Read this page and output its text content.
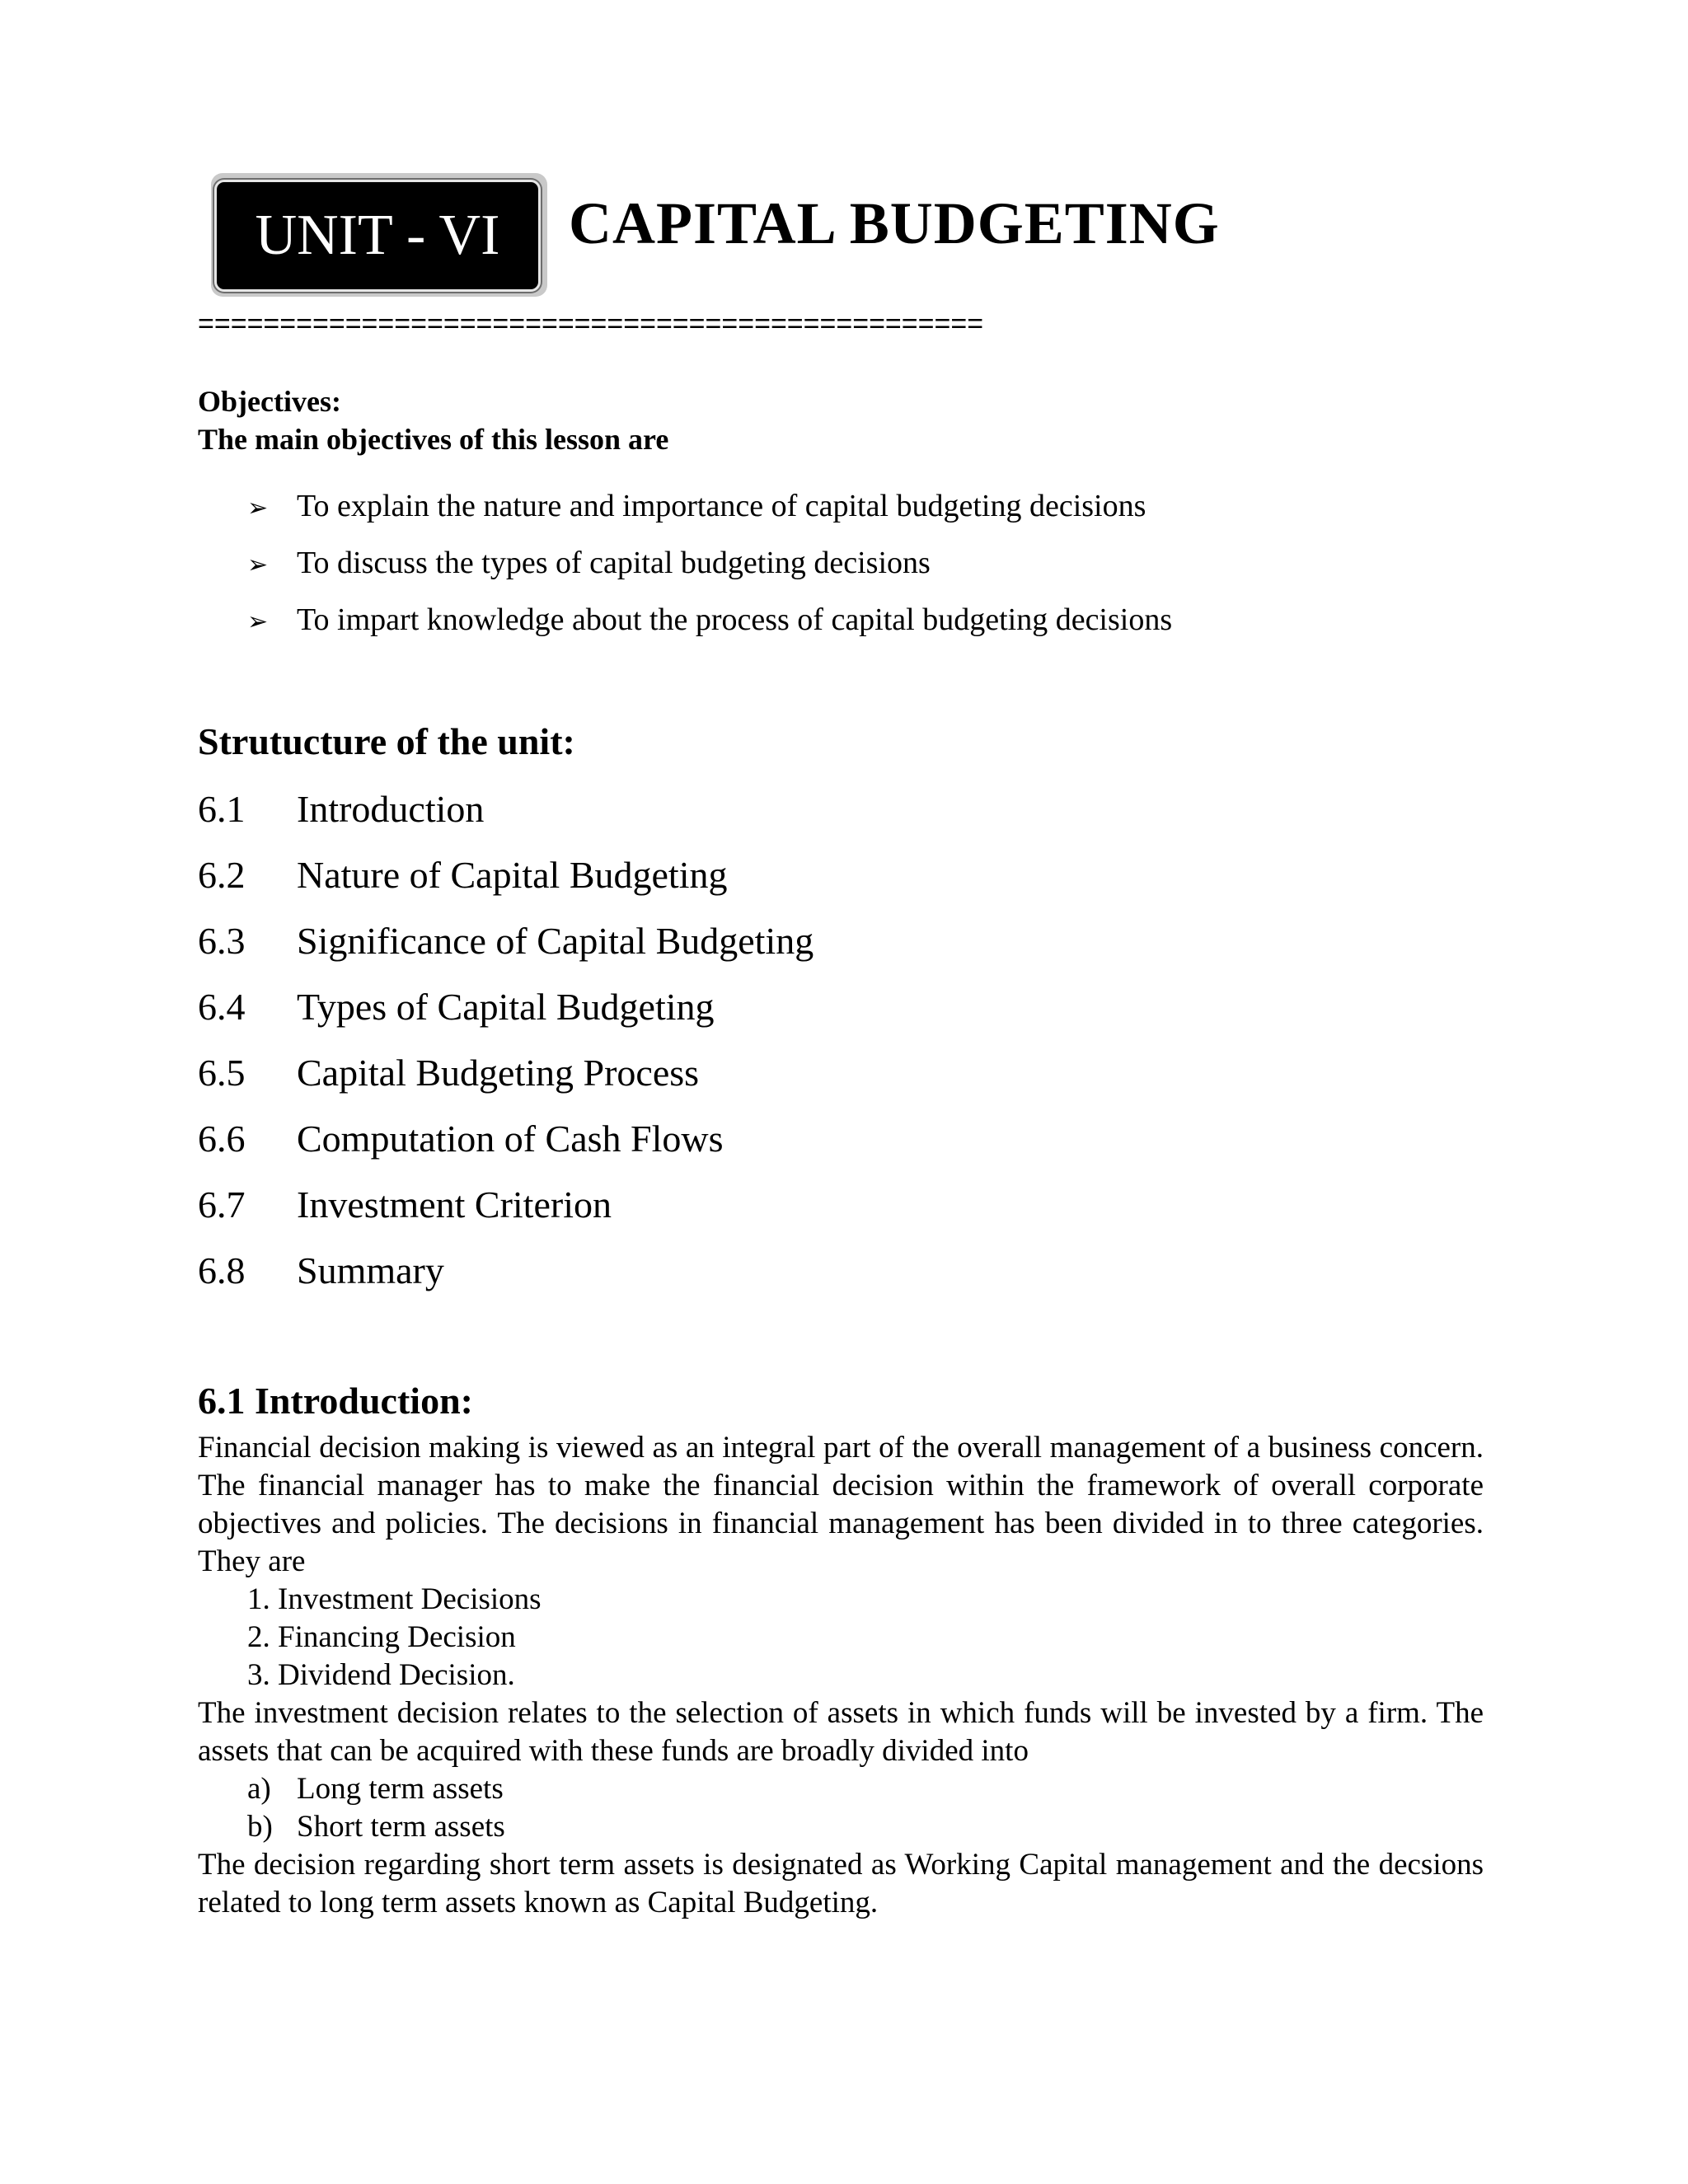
UNIT - VI CAPITAL BUDGETING
================================================
Objectives:
The main objectives of this lesson are
➢ To explain the nature and importance of capital budgeting decisions
➢ To discuss the types of capital budgeting decisions
➢ To impart knowledge about the process of capital budgeting decisions
Strutucture of the unit:
6.1	Introduction
6.2	Nature of Capital Budgeting
6.3	Significance of Capital Budgeting
6.4	Types of Capital Budgeting
6.5	Capital Budgeting Process
6.6	Computation of Cash Flows
6.7	Investment Criterion
6.8	Summary
6.1 Introduction:

Financial decision making is viewed as an integral part of the overall management of a business concern. The financial manager has to make the financial decision within the framework of overall corporate objectives and policies. The decisions in financial management has been divided in to three categories. They are

1. Investment Decisions
2. Financing Decision
3. Dividend Decision.

The investment decision relates to the selection of assets in which funds will be invested by a firm. The assets that can be acquired with these funds are broadly divided into

a) Long term assets
b) Short term assets

The decision regarding short term assets is designated as Working Capital management and the decsions related to long term assets known as Capital Budgeting.
